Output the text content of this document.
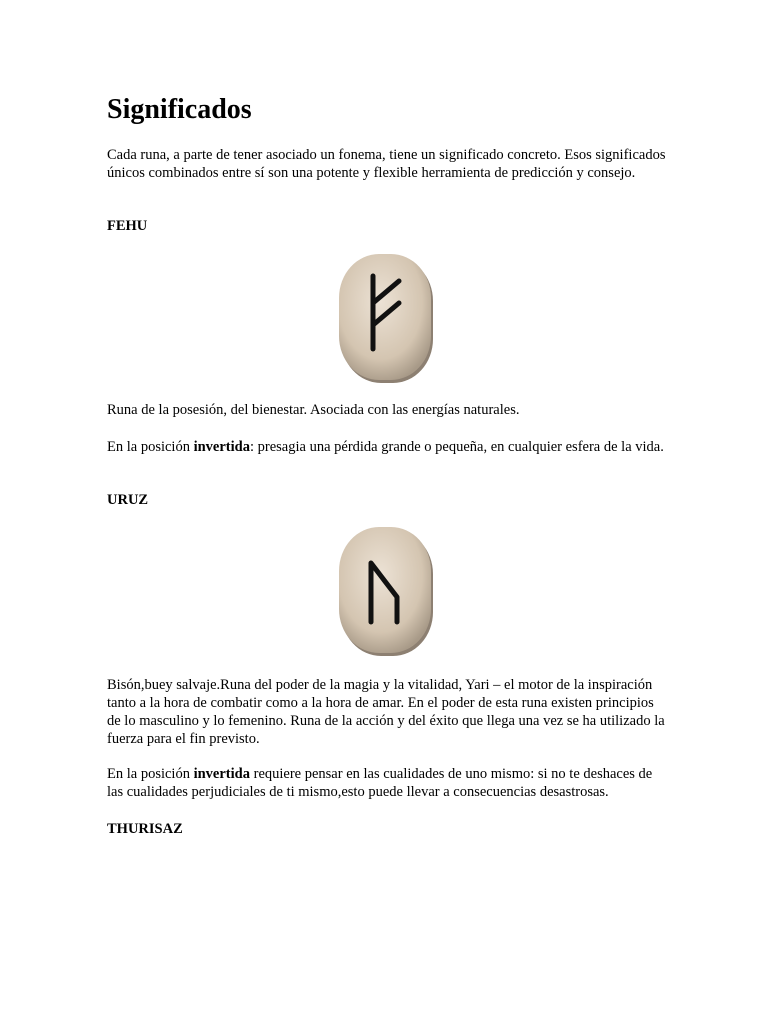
Significados

Cada runa, a parte de tener asociado un fonema, tiene un significado concreto. Esos significados únicos combinados entre sí son una potente y flexible herramienta de predicción y consejo.

FEHU

Runa de la posesión, del bienestar. Asociada con las energías naturales.

En la posición invertida: presagia una pérdida grande o pequeña, en cualquier esfera de la vida.

URUZ

Bisón,buey salvaje.Runa del poder de la magia y la vitalidad, Yari – el motor de la inspiración tanto a la hora de combatir como a la hora de amar. En el poder de esta runa existen principios de lo masculino y lo femenino. Runa de la acción y del éxito que llega una vez se ha utilizado la fuerza para el fin previsto.

En la posición invertida requiere pensar en las cualidades de uno mismo: si no te deshaces de las cualidades perjudiciales de ti mismo,esto puede llevar a consecuencias desastrosas.

THURISAZ
